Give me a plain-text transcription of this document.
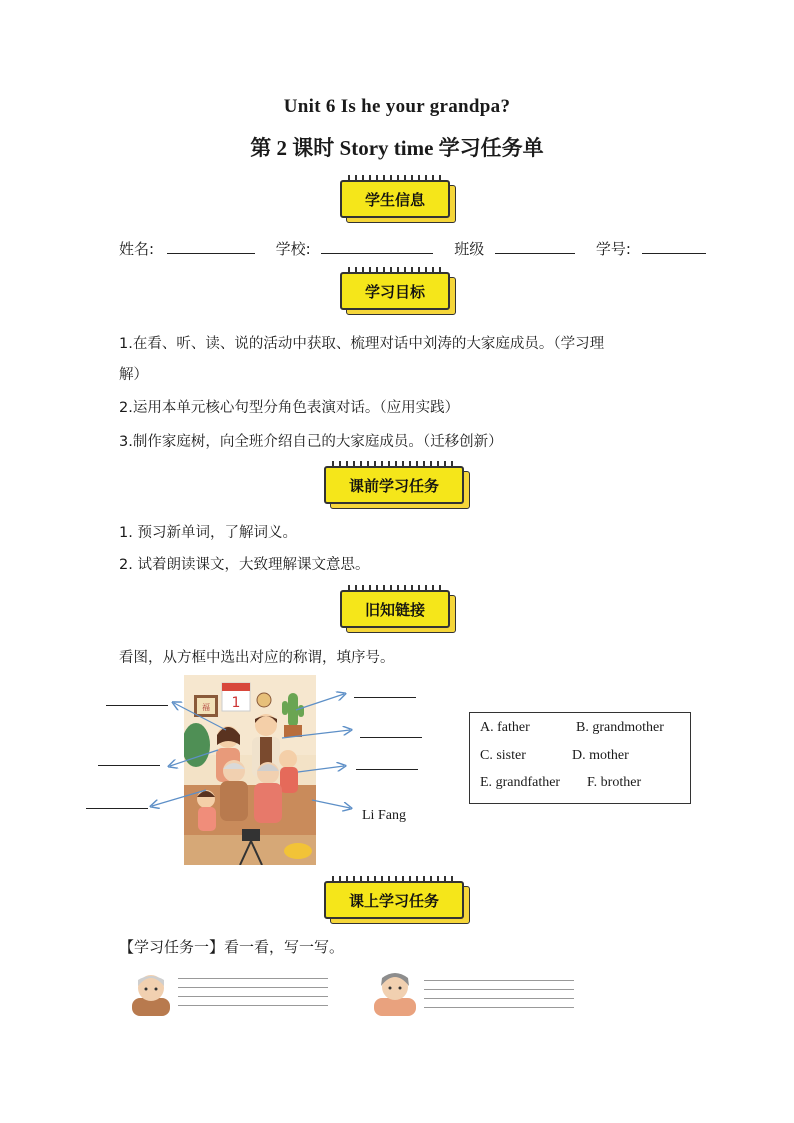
Unit 6 Is he your grandpa?
第 2 课时 Story time 学习任务单
学生信息
姓名:	学校:	班级	学号:
学习目标
1.在看、听、读、说的活动中获取、梳理对话中刘涛的大家庭成员。（学习理
解）
2.运用本单元核心句型分角色表演对话。（应用实践）
3.制作家庭树，向全班介绍自己的大家庭成员。（迁移创新）
课前学习任务
1. 预习新单词，了解词义。
2. 试着朗读课文，大致理解课文意思。
旧知链接
看图，从方框中选出对应的称谓，填序号。
福 1
Li Fang
A. father	B. grandmother
C. sister	D. mother
E. grandfather F. brother
课上学习任务
【学习任务一】看一看，写一写。
